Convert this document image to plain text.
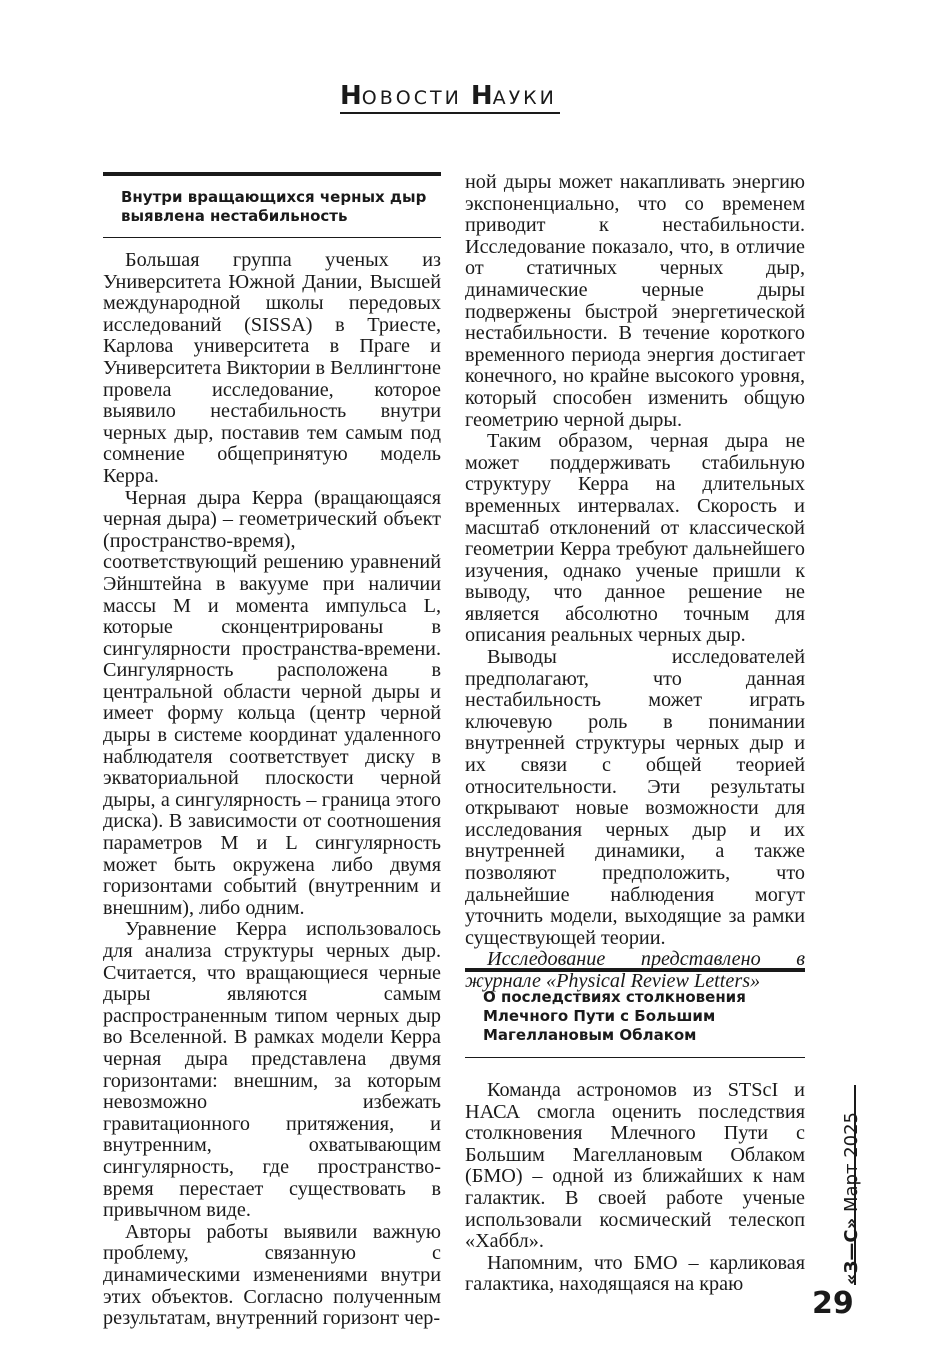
НОВОСТИ НАУКИ
Внутри вращающихся черных дыр выявлена нестабильность

Большая группа ученых из Университета Южной Дании, Высшей международной школы передовых исследований (SISSA) в Триесте, Карлова университета в Праге и Университета Виктории в Веллингтоне провела исследование, которое выявило нестабильность внутри черных дыр, поставив тем самым под сомнение общепринятую модель Керра.

Черная дыра Керра (вращающаяся черная дыра) – геометрический объект (пространство-время), соответствующий решению уравнений Эйнштейна в вакууме при наличии массы M и момента импульса L, которые сконцентрированы в сингулярности пространства-времени. Сингулярность расположена в центральной области черной дыры и имеет форму кольца (центр черной дыры в системе координат удаленного наблюдателя соответствует диску в экваториальной плоскости черной дыры, а сингулярность – граница этого диска). В зависимости от соотношения параметров M и L сингулярность может быть окружена либо двумя горизонтами событий (внутренним и внешним), либо одним.

Уравнение Керра использовалось для анализа структуры черных дыр. Считается, что вращающиеся черные дыры являются самым распространенным типом черных дыр во Вселенной. В рамках модели Керра черная дыра представлена двумя горизонтами: внешним, за которым невозможно избежать гравитационного притяжения, и внутренним, охватывающим сингулярность, где пространство-время перестает существовать в привычном виде.

Авторы работы выявили важную проблему, связанную с динамическими изменениями внутри этих объектов. Согласно полученным результатам, внутренний горизонт чер-

ной дыры может накапливать энергию экспоненциально, что со временем приводит к нестабильности. Исследование показало, что, в отличие от статичных черных дыр, динамические черные дыры подвержены быстрой энергетической нестабильности. В течение короткого временного периода энергия достигает конечного, но крайне высокого уровня, который способен изменить общую геометрию черной дыры.

Таким образом, черная дыра не может поддерживать стабильную структуру Керра на длительных временных интервалах. Скорость и масштаб отклонений от классической геометрии Керра требуют дальнейшего изучения, однако ученые пришли к выводу, что данное решение не является абсолютно точным для описания реальных черных дыр.

Выводы исследователей предполагают, что данная нестабильность может играть ключевую роль в понимании внутренней структуры черных дыр и их связи с общей теорией относительности. Эти результаты открывают новые возможности для исследования черных дыр и их внутренней динамики, а также позволяют предположить, что дальнейшие наблюдения могут уточнить модели, выходящие за рамки существующей теории.

Исследование представлено в журнале «Physical Review Letters»

О последствиях столкновения Млечного Пути с Большим Магеллановым Облаком

Команда астрономов из STScI и НАСА смогла оценить последствия столкновения Млечного Пути с Большим Магеллановым Облаком (БМО) – одной из ближайших к нам галактик. В своей работе ученые использовали космический телескоп «Хаббл».

Напомним, что БМО – карликовая галактика, находящаяся на краю	«З—С» Март 2025
29
